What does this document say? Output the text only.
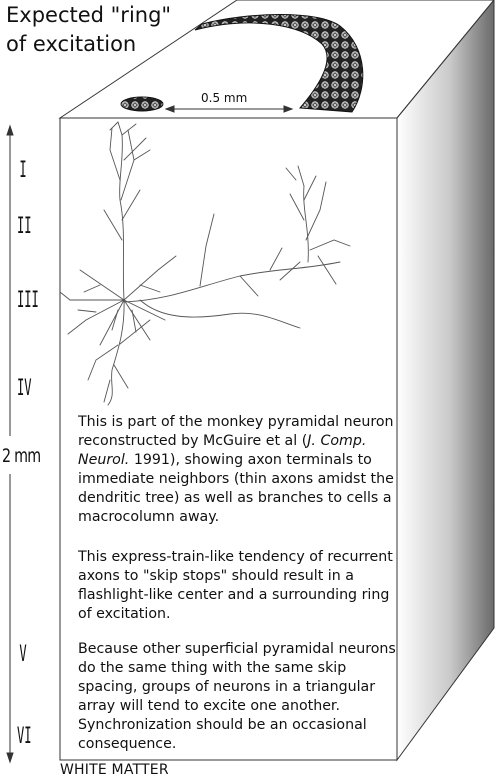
Expected "ring"
of excitation
0.5 mm
I
II
III
IV
V
VI
2 mm

This is part of the monkey pyramidal neuron reconstructed by McGuire et al (J. Comp. Neurol. 1991), showing axon terminals to immediate neighbors (thin axons amidst the dendritic tree) as well as branches to cells a macrocolumn away.

This express-train-like tendency of recurrent axons to "skip stops" should result in a flashlight-like center and a surrounding ring of excitation.

Because other superficial pyramidal neurons do the same thing with the same skip spacing, groups of neurons in a triangular array will tend to excite one another. Synchronization should be an occasional consequence.

WHITE MATTER
